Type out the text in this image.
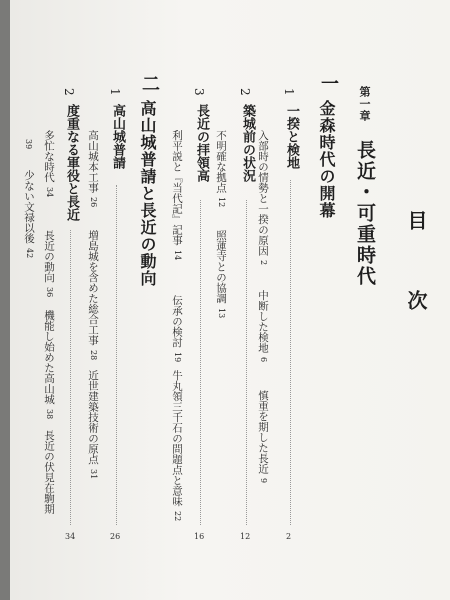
目　次
第一章
長近・可重時代
一
金森時代の開幕
1
一揆と検地
2
入部時の情勢と一揆の原因2
中断した検地6
慎重を期した長近9
2
築城前の状況
12
不明確な拠点12
照蓮寺との協調13
3
長近の拝領高
16
利平説と『当代記』記事14
伝承の検討19
牛丸領三千石の問題点と意味22
二
高山城普請と長近の動向
1
高山城普請
26
高山城本工事26
増島城を含めた総合工事28
近世建築技術の原点31
2
度重なる軍役と長近
34
多忙な時代34
長近の動向36
機能し始めた高山城38
長近の伏見在駒期
39
少ない文禄以後42
